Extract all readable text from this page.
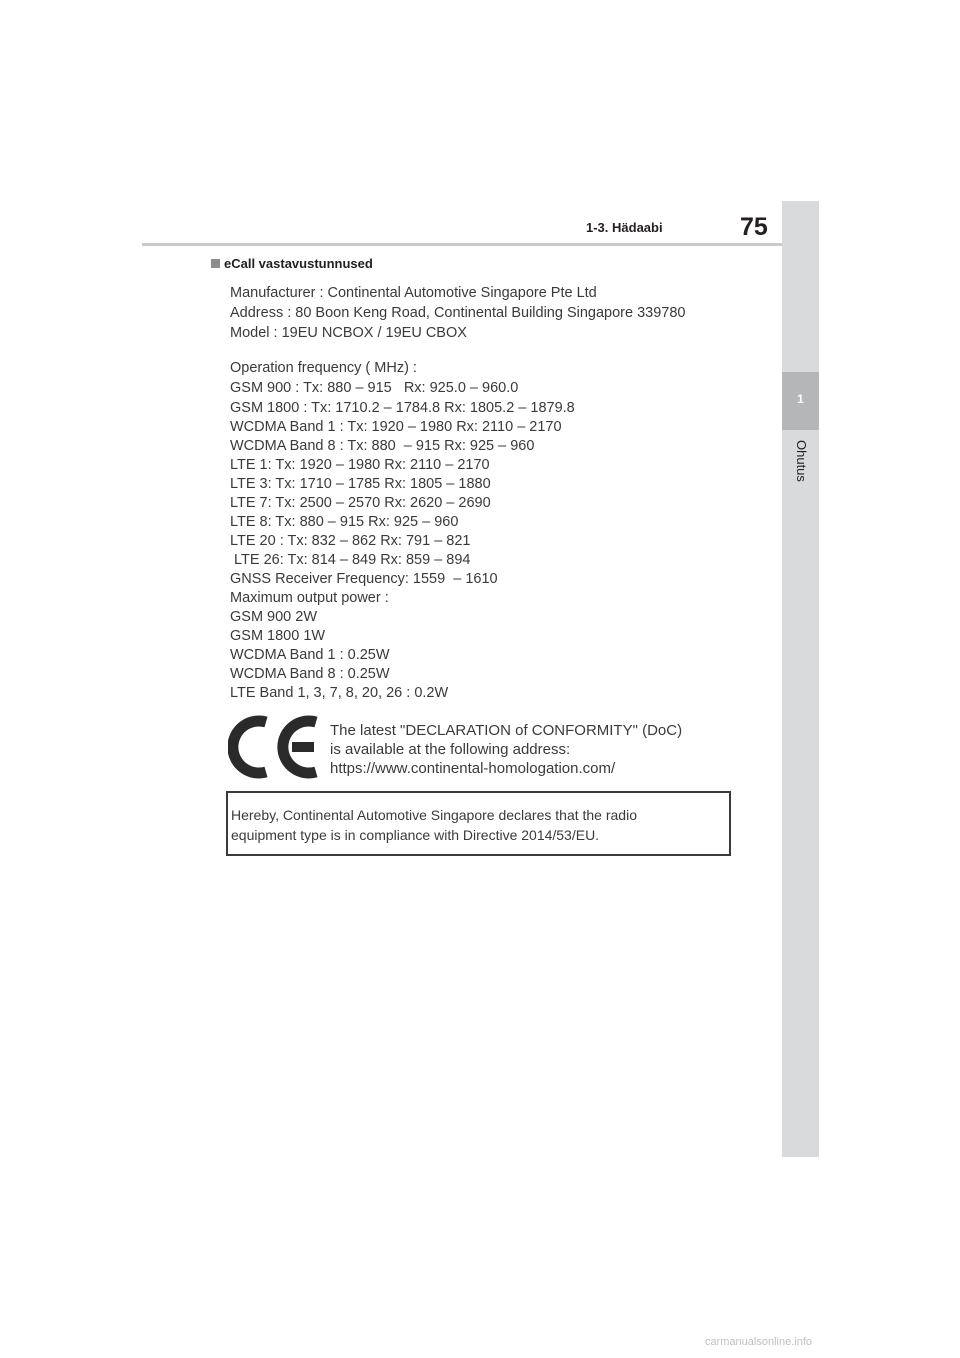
1-3. Hädaabi	75
1
Ohutus
eCall vastavustunnused
Manufacturer : Continental Automotive Singapore Pte Ltd
Address : 80 Boon Keng Road, Continental Building Singapore 339780
Model : 19EU NCBOX / 19EU CBOX
Operation frequency ( MHz) :
GSM 900 : Tx: 880 – 915   Rx: 925.0 – 960.0
GSM 1800 : Tx: 1710.2 – 1784.8 Rx: 1805.2 – 1879.8
WCDMA Band 1 : Tx: 1920 – 1980 Rx: 2110 – 2170
WCDMA Band 8 : Tx: 880  – 915 Rx: 925 – 960
LTE 1: Tx: 1920 – 1980 Rx: 2110 – 2170
LTE 3: Tx: 1710 – 1785 Rx: 1805 – 1880
LTE 7: Tx: 2500 – 2570 Rx: 2620 – 2690
LTE 8: Tx: 880 – 915 Rx: 925 – 960
LTE 20 : Tx: 832 – 862 Rx: 791 – 821
LTE 26: Tx: 814 – 849 Rx: 859 – 894
GNSS Receiver Frequency: 1559  – 1610
Maximum output power :
GSM 900 2W
GSM 1800 1W
WCDMA Band 1 : 0.25W
WCDMA Band 8 : 0.25W
LTE Band 1, 3, 7, 8, 20, 26 : 0.2W
The latest "DECLARATION of CONFORMITY" (DoC)
is available at the following address:
https://www.continental-homologation.com/
Hereby, Continental Automotive Singapore declares that the radio
equipment type is in compliance with Directive 2014/53/EU.
carmanualsonline.info
